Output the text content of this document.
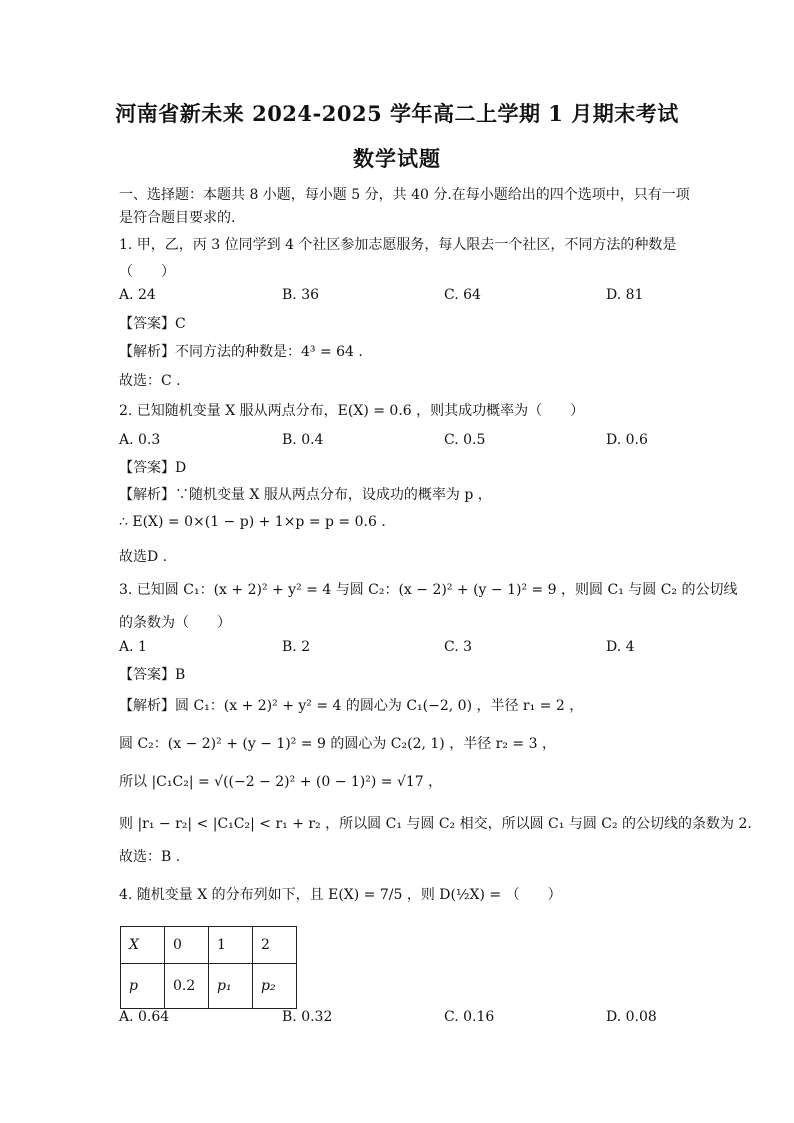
河南省新未来 2024-2025 学年高二上学期 1 月期末考试
数学试题
一、选择题：本题共 8 小题，每小题 5 分，共 40 分.在每小题给出的四个选项中，只有一项
是符合题目要求的.
1. 甲，乙，丙 3 位同学到 4 个社区参加志愿服务，每人限去一个社区，不同方法的种数是
（　　）
A. 24	B. 36	C. 64	D. 81
【答案】C
【解析】不同方法的种数是：4³ = 64 .
故选：C .
2. 已知随机变量 X 服从两点分布，E(X) = 0.6 ，则其成功概率为（　　）
A. 0.3	B. 0.4	C. 0.5	D. 0.6
【答案】D
【解析】∵随机变量 X 服从两点分布，设成功的概率为 p ，
∴ E(X) = 0×(1 − p) + 1×p = p = 0.6 .
故选D .
3. 已知圆 C₁：(x + 2)² + y² = 4 与圆 C₂：(x − 2)² + (y − 1)² = 9 ，则圆 C₁ 与圆 C₂ 的公切线
的条数为（　　）
A. 1	B. 2	C. 3	D. 4
【答案】B
【解析】圆 C₁：(x + 2)² + y² = 4 的圆心为 C₁(−2, 0) ，半径 r₁ = 2 ，
圆 C₂：(x − 2)² + (y − 1)² = 9 的圆心为 C₂(2, 1) ，半径 r₂ = 3 ，
所以 |C₁C₂| = √((−2 − 2)² + (0 − 1)²) = √17 ，
则 |r₁ − r₂| < |C₁C₂| < r₁ + r₂ ，所以圆 C₁ 与圆 C₂ 相交，所以圆 C₁ 与圆 C₂ 的公切线的条数为 2.
故选：B .
4. 随机变量 X 的分布列如下，且 E(X) = 7/5 ，则 D(½X) = （　　）
X	0	1	2
p	0.2	p₁	p₂
A. 0.64	B. 0.32	C. 0.16	D. 0.08
